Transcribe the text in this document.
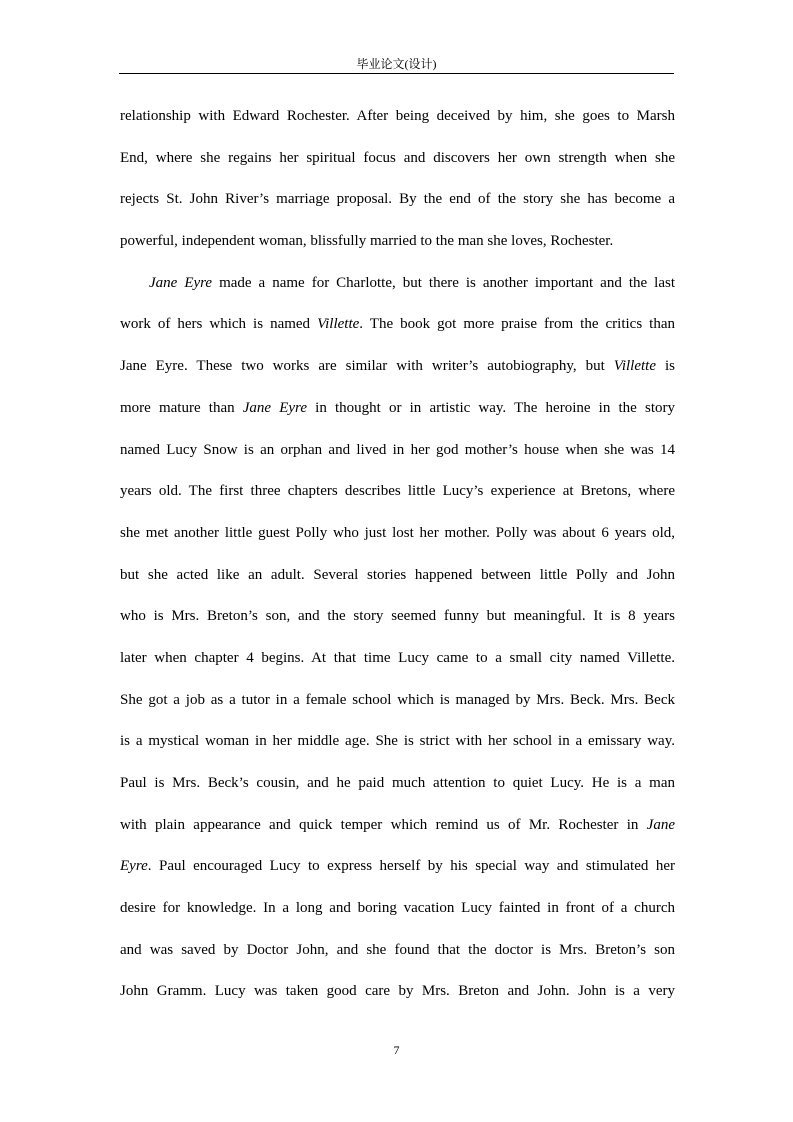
毕业论文(设计)
relationship with Edward Rochester. After being deceived by him, she goes to Marsh
End, where she regains her spiritual focus and discovers her own strength when she
rejects St. John River’s marriage proposal. By the end of the story she has become a
powerful, independent woman, blissfully married to the man she loves, Rochester.
Jane Eyre made a name for Charlotte, but there is another important and the last
work of hers which is named Villette. The book got more praise from the critics than
Jane Eyre. These two works are similar with writer’s autobiography, but Villette is
more mature than Jane Eyre in thought or in artistic way. The heroine in the story
named Lucy Snow is an orphan and lived in her god mother’s house when she was 14
years old. The first three chapters describes little Lucy’s experience at Bretons, where
she met another little guest Polly who just lost her mother. Polly was about 6 years old,
but she acted like an adult. Several stories happened between little Polly and John
who is Mrs. Breton’s son, and the story seemed funny but meaningful. It is 8 years
later when chapter 4 begins. At that time Lucy came to a small city named Villette.
She got a job as a tutor in a female school which is managed by Mrs. Beck. Mrs. Beck
is a mystical woman in her middle age. She is strict with her school in a emissary way.
Paul is Mrs. Beck’s cousin, and he paid much attention to quiet Lucy. He is a man
with plain appearance and quick temper which remind us of Mr. Rochester in Jane
Eyre. Paul encouraged Lucy to express herself by his special way and stimulated her
desire for knowledge. In a long and boring vacation Lucy fainted in front of a church
and was saved by Doctor John, and she found that the doctor is Mrs. Breton’s son
John Gramm. Lucy was taken good care by Mrs. Breton and John. John is a very
7
